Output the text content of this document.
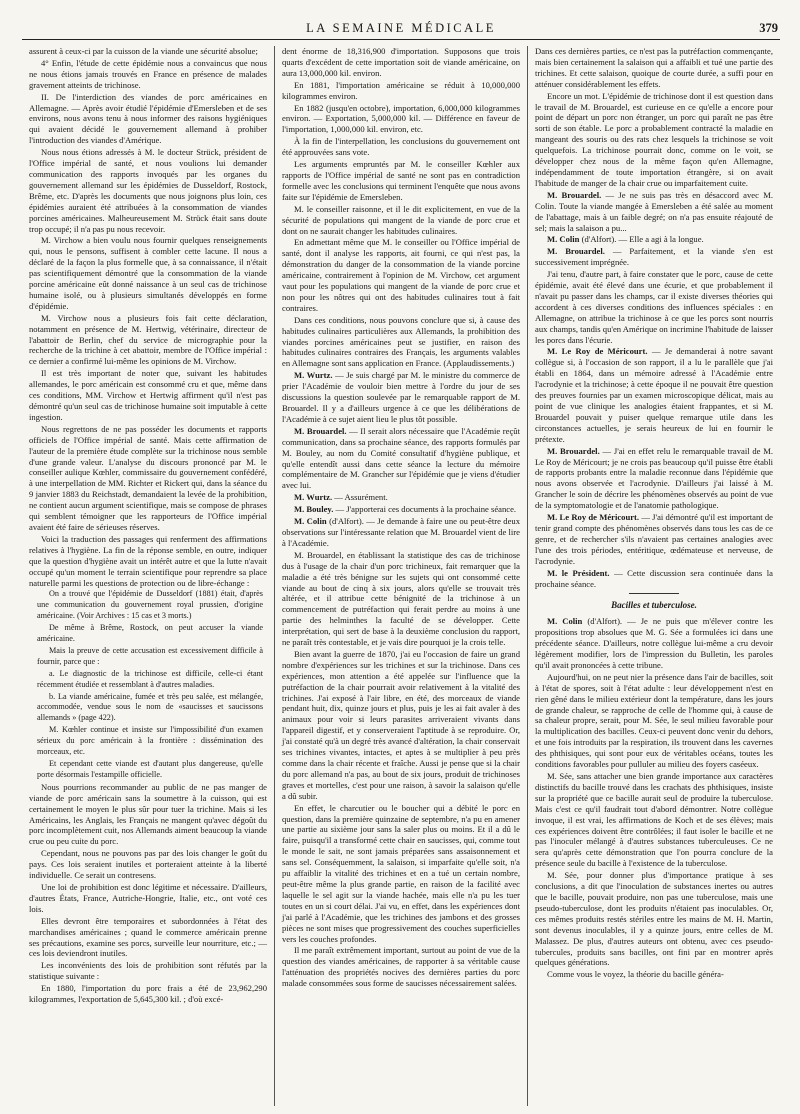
LA SEMAINE MÉDICALE	379

assurent à ceux-ci par la cuisson de la viande une sécurité absolue;

4° Enfin, l'étude de cette épidémie nous a convaincus que nous ne nous étions jamais trouvés en France en présence de malades gravement atteints de trichinose.

II. De l'interdiction des viandes de porc américaines en Allemagne. — Après avoir étudié l'épidémie d'Emersleben et de ses environs, nous avons tenu à nous informer des raisons hygiéniques qui avaient décidé le gouvernement allemand à prohiber l'introduction des viandes d'Amérique.

Nous nous étions adressés à M. le docteur Strück, président de l'Office impérial de santé, et nous voulions lui demander communication des rapports invoqués par les organes du gouvernement allemand sur les épidémies de Dusseldorf, Rostock, Brême, etc. D'après les documents que nous joignons plus loin, ces épidémies auraient été attribuées à la consommation de viandes porcines américaines. Malheureusement M. Strück était sans doute trop occupé; il n'a pas pu nous recevoir.

M. Virchow a bien voulu nous fournir quelques renseignements qui, nous le pensons, suffisent à combler cette lacune. Il nous a déclaré de la façon la plus formelle que, à sa connaissance, il n'était pas scientifiquement démontré que la consommation de la viande porcine américaine eût donné naissance à un seul cas de trichinose humaine isolé, ou à plusieurs simultanés développés en forme d'épidémie.

M. Virchow nous a plusieurs fois fait cette déclaration, notamment en présence de M. Hertwig, vétérinaire, directeur de l'abattoir de Berlin, chef du service de micrographie pour la recherche de la trichine à cet abattoir, membre de l'Office impérial : ce dernier a confirmé lui-même les opinions de M. Virchow.

Il est très important de noter que, suivant les habitudes allemandes, le porc américain est consommé cru et que, même dans ces conditions, MM. Virchow et Hertwig affirment qu'il n'est pas démontré qu'un seul cas de trichinose humaine soit imputable à cette ingestion.

Nous regrettons de ne pas posséder les documents et rapports officiels de l'Office impérial de santé. Mais cette affirmation de l'auteur de la première étude complète sur la trichinose nous semble d'une grande valeur. L'analyse du discours prononcé par M. le conseiller aulique Kœhler, commissaire du gouvernement confédéré, à une interpellation de MM. Richter et Rickert qui, dans la séance du 9 janvier 1883 du Reichstadt, demandaient la levée de la prohibition, ne contient aucun argument scientifique, mais se compose de phrases qui semblent témoigner que les rapporteurs de l'Office impérial avaient été faire de sérieuses réserves.

Voici la traduction des passages qui renferment des affirmations relatives à l'hygiène. La fin de la réponse semble, en outre, indiquer que la question d'hygiène avait un intérêt autre et que la lutte n'avait occupé qu'un moment le terrain scientifique pour reprendre sa place naturelle parmi les questions de protection ou de libre-échange :

On a trouvé que l'épidémie de Dusseldorf (1881) était, d'après une communication du gouvernement royal prussien, d'origine américaine. (Voir Archives : 15 cas et 3 morts.)

De même à Brême, Rostock, on peut accuser la viande américaine.

Mais la preuve de cette accusation est excessivement difficile à fournir, parce que :

a. Le diagnostic de la trichinose est difficile, celle-ci étant récemment étudiée et ressemblant à d'autres maladies.

b. La viande américaine, fumée et très peu salée, est mélangée, accommodée, vendue sous le nom de «saucisses et saucissons allemands » (page 422).

M. Kœhler continue et insiste sur l'impossibilité d'un examen sérieux du porc américain à la frontière : dissémination des morceaux, etc.

Et cependant cette viande est d'autant plus dangereuse, qu'elle porte désormais l'estampille officielle.

Nous pourrions recommander au public de ne pas manger de viande de porc américain sans la soumettre à la cuisson, qui est certainement le moyen le plus sûr pour tuer la trichine. Mais si les Américains, les Anglais, les Français ne mangent qu'avec dégoût du porc incomplètement cuit, nos Allemands aiment beaucoup la viande crue ou peu cuite du porc.

Cependant, nous ne pouvons pas par des lois changer le goût du pays. Ces lois seraient inutiles et porteraient atteinte à la liberté individuelle. Ce serait un contresens.

Une loi de prohibition est donc légitime et nécessaire. D'ailleurs, d'autres États, France, Autriche-Hongrie, Italie, etc., ont voté ces lois.

Elles devront être temporaires et subordonnées à l'état des marchandises américaines ; quand le commerce américain prenne ses précautions, examine ses porcs, surveille leur nourriture, etc.; — ces lois deviendront inutiles.

Les inconvénients des lois de prohibition sont réfutés par la statistique suivante :

En 1880, l'importation du porc frais a été de 23,962,290 kilogrammes, l'exportation de 5,645,300 kil. ; d'où excé-

dent énorme de 18,316,900 d'importation. Supposons que trois quarts d'excédent de cette importation soit de viande américaine, on aura 13,000,000 kil. environ.

En 1881, l'importation américaine se réduit à 10,000,000 kilogrammes environ.

En 1882 (jusqu'en octobre), importation, 6,000,000 kilogrammes environ. — Exportation, 5,000,000 kil. — Différence en faveur de l'importation, 1,000,000 kil. environ, etc.

À la fin de l'interpellation, les conclusions du gouvernement ont été approuvées sans vote.

Les arguments empruntés par M. le conseiller Kœhler aux rapports de l'Office impérial de santé ne sont pas en contradiction formelle avec les conclusions qui terminent l'enquête que nous avons faite sur l'épidémie de Emersleben.

M. le conseiller raisonne, et il le dit explicitement, en vue de la sécurité de populations qui mangent de la viande de porc crue et dont on ne saurait changer les habitudes culinaires.

En admettant même que M. le conseiller ou l'Office impérial de santé, dont il analyse les rapports, ait fourni, ce qui n'est pas, la démonstration du danger de la consommation de la viande porcine américaine, contrairement à l'opinion de M. Virchow, cet argument vaut pour les populations qui mangent de la viande de porc crue et non pour les nôtres qui ont des habitudes culinaires tout à fait contraires.

Dans ces conditions, nous pouvons conclure que si, à cause des habitudes culinaires particulières aux Allemands, la prohibition des viandes porcines américaines peut se justifier, en raison des habitudes culinaires contraires des Français, les arguments valables en Allemagne sont sans application en France. (Applaudissements.)

M. Wurtz. — Je suis chargé par M. le ministre du commerce de prier l'Académie de vouloir bien mettre à l'ordre du jour de ses discussions la question soulevée par le remarquable rapport de M. Brouardel. Il y a d'ailleurs urgence à ce que les délibérations de l'Académie à ce sujet aient lieu le plus tôt possible.

M. Brouardel. — Il serait alors nécessaire que l'Académie reçût communication, dans sa prochaine séance, des rapports formulés par M. Bouley, au nom du Comité consultatif d'hygiène publique, et qu'elle entendît aussi dans cette séance la lecture du mémoire complémentaire de M. Grancher sur l'épidémie que je viens d'étudier avec lui.

M. Wurtz. — Assurément.

M. Bouley. — J'apporterai ces documents à la prochaine séance.

M. Colin (d'Alfort). — Je demande à faire une ou peut-être deux observations sur l'intéressante relation que M. Brouardel vient de lire à l'Académie.

M. Brouardel, en établissant la statistique des cas de trichinose dus à l'usage de la chair d'un porc trichineux, fait remarquer que la maladie a été très bénigne sur les sujets qui ont consommé cette viande au bout de cinq à six jours, alors qu'elle se trouvait très altérée, et il attribue cette bénignité de la trichinose à un commencement de putréfaction qui ferait perdre au moins à une partie des helminthes la faculté de se développer. Cette interprétation, qui sert de base à la deuxième conclusion du rapport, ne paraît très contestable, et je vais dire pourquoi je la crois telle.

Bien avant la guerre de 1870, j'ai eu l'occasion de faire un grand nombre d'expériences sur les trichines et sur la trichinose. Dans ces expériences, mon attention a été appelée sur l'influence que la putréfaction de la chair pourrait avoir relativement à la vitalité des trichines. J'ai exposé à l'air libre, en été, des morceaux de viande pendant huit, dix, quinze jours et plus, puis je les ai fait avaler à des animaux pour voir si leurs parasites arriveraient vivants dans l'appareil digestif, et y conserveraient l'aptitude à se reproduire. Or, j'ai constaté qu'à un degré très avancé d'altération, la chair conservait ses trichines vivantes, intactes, et aptes à se multiplier à peu près comme dans la chair récente et fraîche. Aussi je pense que si la chair du porc allemand n'a pas, au bout de six jours, produit de trichinoses graves et mortelles, c'est pour une raison, à savoir la salaison qu'elle a dû subir.

En effet, le charcutier ou le boucher qui a débité le porc en question, dans la première quinzaine de septembre, n'a pu en amener une partie au sixième jour sans la saler plus ou moins. Et il a dû le faire, puisqu'il a transformé cette chair en saucisses, qui, comme tout le monde le sait, ne sont jamais préparées sans assaisonnement et sans sel. Conséquemment, la salaison, si imparfaite qu'elle soit, n'a pu affaiblir la vitalité des trichines et en a tué un certain nombre, peut-être même la plus grande partie, en raison de la facilité avec laquelle le sel agit sur la viande hachée, mais elle n'a pu les tuer toutes en un si court délai. J'ai vu, en effet, dans les expériences dont j'ai parlé à l'Académie, que les trichines des jambons et des grosses pièces ne sont mises que progressivement des couches superficielles vers les couches profondes.

Il me paraît extrêmement important, surtout au point de vue de la question des viandes américaines, de rapporter à sa véritable cause l'atténuation des propriétés nocives des dernières parties du porc malade consommées sous forme de saucisses nécessairement salées.

Dans ces dernières parties, ce n'est pas la putréfaction commençante, mais bien certainement la salaison qui a affaibli et tué une partie des trichines. Et cette salaison, quoique de courte durée, a suffi pour en atténuer considérablement les effets.

Encore un mot. L'épidémie de trichinose dont il est question dans le travail de M. Brouardel, est curieuse en ce qu'elle a encore pour point de départ un porc non étranger, un porc qui paraît ne pas être sorti de son étable. Le porc a probablement contracté la maladie en mangeant des souris ou des rats chez lesquels la trichinose se voit quelquefois. La trichinose pourrait donc, comme on le voit, se développer chez nous de la même façon qu'en Allemagne, indépendamment de toute importation étrangère, si on avait l'habitude de manger de la chair crue ou imparfaitement cuite.

M. Brouardel. — Je ne suis pas très en désaccord avec M. Colin. Toute la viande mangée à Emersleben a été salée au moment de l'abattage, mais à un faible degré; on n'a pas ensuite réajouté de sel; mais la salaison a pu...

M. Colin (d'Alfort). — Elle a agi à la longue.

M. Brouardel. — Parfaitement, et la viande s'en est successivement imprégnée.

J'ai tenu, d'autre part, à faire constater que le porc, cause de cette épidémie, avait été élevé dans une écurie, et que probablement il n'avait pu passer dans les champs, car il existe diverses théories qui accordent à ces diverses conditions des influences spéciales : en Allemagne, on attribue la trichinose à ce que les porcs sont nourris aux champs, tandis qu'en Amérique on incrimine l'habitude de laisser les porcs dans l'écurie.

M. Le Roy de Méricourt. — Je demanderai à notre savant collègue si, à l'occasion de son rapport, il a lu le parallèle que j'ai établi en 1864, dans un mémoire adressé à l'Académie entre l'acrodynie et la trichinose; à cette époque il ne pouvait être question des preuves fournies par un examen microscopique délicat, mais au point de vue clinique les analogies étaient frappantes, et si M. Brouardel pouvait y puiser quelque remarque utile dans les circonstances actuelles, je serais heureux de lui en fournir le prétexte.

M. Brouardel. — J'ai en effet relu le remarquable travail de M. Le Roy de Méricourt; je ne crois pas beaucoup qu'il puisse être établi de rapports probants entre la maladie reconnue dans l'épidémie que nous avons observée et l'acrodynie. D'ailleurs j'ai laissé à M. Grancher le soin de décrire les phénomènes observés au point de vue de la symptomatologie et de l'anatomie pathologique.

M. Le Roy de Méricourt. — J'ai démontré qu'il est important de tenir grand compte des phénomènes observés dans tous les cas de ce genre, et de rechercher s'ils n'avaient pas certaines analogies avec l'une des trois périodes, entéritique, œdémateuse et nerveuse, de l'acrodynie.

M. le Président. — Cette discussion sera continuée dans la prochaine séance.

Bacilles et tuberculose.

M. Colin (d'Alfort). — Je ne puis que m'élever contre les propositions trop absolues que M. G. Sée a formulées ici dans une précédente séance. D'ailleurs, notre collègue lui-même a cru devoir légèrement modifier, lors de l'impression du Bulletin, les paroles qu'il avait prononcées à cette tribune.

Aujourd'hui, on ne peut nier la présence dans l'air de bacilles, soit à l'état de spores, soit à l'état adulte : leur développement n'est en rien gêné dans le milieu extérieur dont la température, dans les jours de grande chaleur, se rapproche de celle de l'homme qui, à cause de sa chaleur propre, serait, pour M. Sée, le seul milieu favorable pour la multiplication des bacilles. Ceux-ci peuvent donc venir du dehors, et une fois introduits par la respiration, ils trouvent dans les cavernes des phthisiques, qui sont pour eux de véritables océans, toutes les conditions favorables pour pulluler au milieu des foyers caséeux.

M. Sée, sans attacher une bien grande importance aux caractères distinctifs du bacille trouvé dans les crachats des phthisiques, insiste sur la propriété que ce bacille aurait seul de produire la tuberculose. Mais c'est ce qu'il faudrait tout d'abord démontrer. Notre collègue invoque, il est vrai, les affirmations de Koch et de ses élèves; mais ces expériences doivent être contrôlées; il faut isoler le bacille et ne pas l'inoculer mélangé à d'autres substances tuberculeuses. Ce ne sera qu'après cette démonstration que l'on pourra conclure de la présence seule du bacille à l'existence de la tuberculose.

M. Sée, pour donner plus d'importance pratique à ses conclusions, a dit que l'inoculation de substances inertes ou autres que le bacille, pouvait produire, non pas une tuberculose, mais une pseudo-tuberculose, dont les produits n'étaient pas inoculables. Or, ces mêmes produits restés stériles entre les mains de M. H. Martin, sont devenus inoculables, il y a quinze jours, entre celles de M. Malassez. De plus, d'autres auteurs ont obtenu, avec ces pseudo-tubercules, produits sans bacilles, ont fini par en montrer après quelques générations.

Comme vous le voyez, la théorie du bacille généra-
